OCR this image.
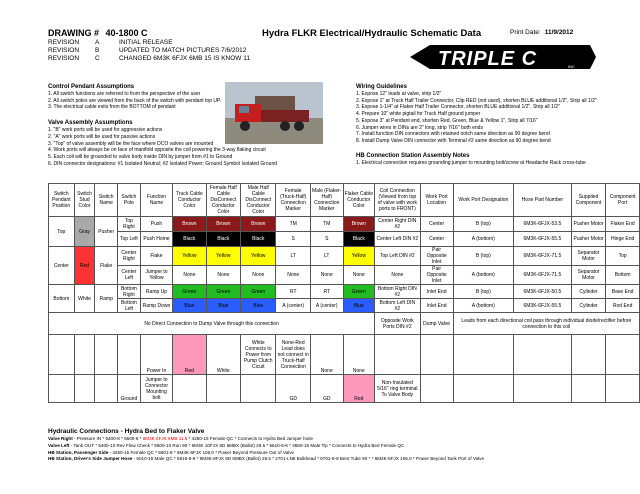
DRAWING # 40-1800 C
REVISION	A	INITIAL RELEASE
REVISION	B	UPDATED TO MATCH PICTURES 7/6/2012
REVISION	C	CHANGED 6M3K 6FJX 6MB 15 IS KNOW 11
Hydra FLKR Electrical/Hydraulic Schematic Data	Print Date: 11/9/2012
TRIPLE C	INC
Control Pendant Assumptions
1. All switch functions are referred to from the perspective of the user
2. All switch poles are viewed from the back of the switch with pendant top UP.
3. The electrical cable exits from the BOTTOM of pendant
Valve Assembly Assumptions
1. "B" work ports will be used for aggressive actions
2. "A" work ports will be used for passive actions
3. "Top" of valve assembly will be the face where DCO valves are mounted
4. Work ports will always be on face of manifold opposite the coil powering the 3-way flaking circuit
5. Each coil will be grounded to valve body inside DIN by jumper from #1 to Ground
6. DIN connector designations: #1 Isolated Neutral; #2 Isolated Power; Ground Symbol Isolated Ground
Wiring Guidelines
1. Expose 12" leads at valve, strip 1/2"
2. Expose 1" at Truck Half Trailer Connector, Clip RED (not used), shorten BLUE additional 1/2", Strip all 1/2"
3. Expose 1-1/4" at Flaker Half Trailer Connector, shorten BLUE additional 1/2", Strip all 1/2"
4. Prepare 10" white pigtail for Truck Half ground jumper
5. Expose 3" at Pendant end, shorten Red, Green, Blue & Yellow 1", Strip all 7/16"
6. Jumper wires in DINs are 2" long, strip 7/16" both ends
7. Install function DIN connectors with retained notch same direction as 90 degree bend
8. Install Dump Valve DIN connector with Terminal #2 same direction as 90 degree bend
HB Connection Station Assembly Notes
1. Electrical connection requires grounding jumper to mounting bolt/screw at Headache Rack cross-tube
Switch Pendant Position	Switch Stud Color	Switch Name	Switch Pole	Function Name	Truck Cable Conductor Color	Female Half Cable DisConnect Conductor Color	Male Half Cable DisConnect Conductor Color	Female (Truck-Half) Connection Marker	Male (Flaker-Half) Connection Marker	Flaker Cable Conductor Color	Coil Connection (Viewed from top of valve with work ports to FRONT)	Work Port Location	Work Port Designation	Hose Part Number	Supplied Component	Component Port
Top	Gray	Pusher	Top Right	Push	Brown	Brown	Brown	TM	TM	Brown	Center Right DIN #2	Center	B (top)	6M3K-6FJX-53.5	Pusher Motor	Flaker End
			Top Left	Push Home	Black	Black	Black	S	S	Black	Center Left DIN #2	Center	A (bottom)	6M3K-6FJX-55.5	Pusher Motor	Hinge End
Center	Red	Flake	Center Right	Flake	Yellow	Yellow	Yellow	LT	LT	Yellow	Top Left DIN #2	Pair Opposite Inlet	B (top)	6M3K-6FJX-71.5	Separator Motor	Top
			Center Left	Jumper to Yellow	None	None	None	None	None	None	None	Pair Opposite Inlet	A (bottom)	6M3K-6FJX-71.5	Separator Motor	Bottom
Bottom	White	Ramp	Bottom Right	Ramp Up	Green	Green	Green	RT	RT	Green	Bottom Right DIN #2	Inlet End	B (top)	6M3K-6FJX-50.5	Cylinder	Base End
			Bottom Left	Ramp Down	Blue	Blue	Blue	A (center)	A (center)	Blue	Bottom Left DIN #2	Inlet End	A (bottom)	6M3K-6FJX-55.5	Cylinder	Rod End
No Direct Connection to Dump Valve through this connection											Opposite Work Ports DIN #2	Dump Valve	Leads from each directional coil pass through individual diode/rectifier before connection to this coil			
				Power In	Red	White	White Connects to Power from Pump Clutch Cicuit	None-Red Lead does not connect in Truck-Half Connection	None	None						
			Ground	Jumper to Connector Mounting bolt				GD	GD	Red	Non-Insulated 5/16" ring terminal To Valve Body					
Hydraulic Connections - Hydra Bed to Flaker Valve
Valve Right - Pressure IN * 5400-8 * 6500-8 * 6M3K 6FJX 6MB 11.5 * 4250-15 Female QC * Connects to Hydra Bed Jumper hose
Valve Left - Tank OUT * 5400-10 Rev Flow Check * 6500-10 Run 90 * 6M3K 10FJX 8D 6MBX (Ballot) 29.5 * 5610-8-6 * 4550-15 Male Tip * Connects to Hydra Bed Female QC
HB Station, Passenger Side - 4250-15 Female QC * 5601-8 * 6M3K-6FJX 106.0 * Power Beyond Pressure Out of Valve
HB Station, Driver's Side Jumper Hose - 6010-15 Male QC * 6615-8-8 * 6M3K-8FJX 8D 6MBX (Ballot) 26.5 * 2701-LN8 Bulkhead * 6701-8-8 Bent Tube 90 * * 6M3K-6FJX 106.0 * Power Beyond Tank Port of Valve
